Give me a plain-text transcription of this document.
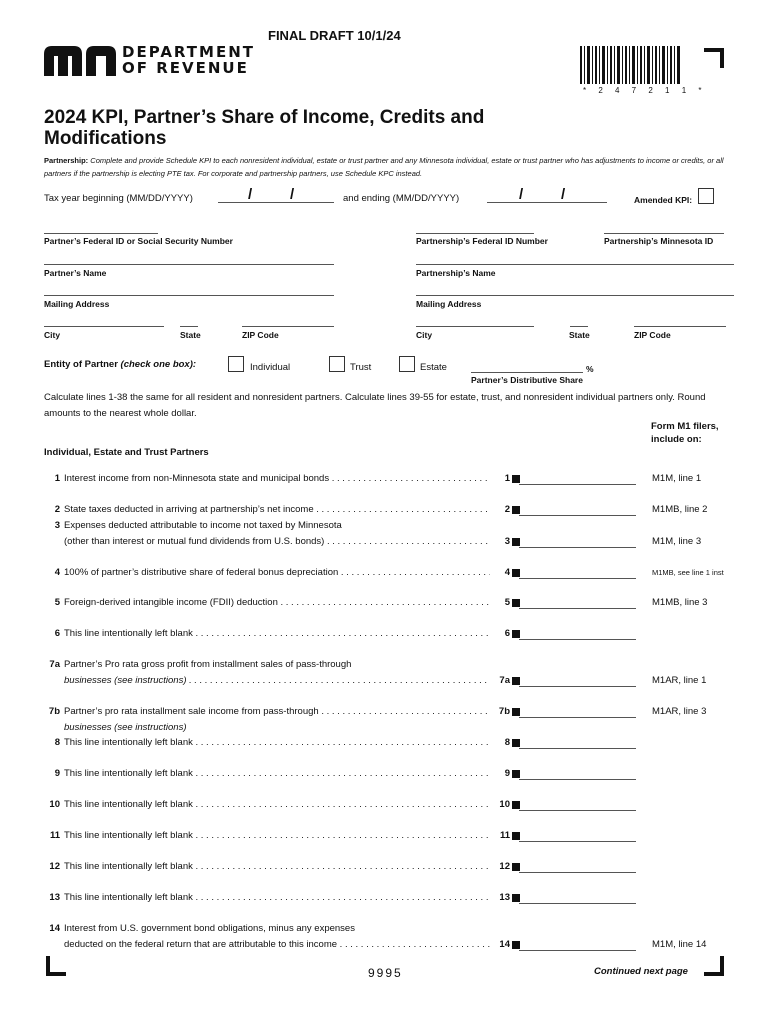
FINAL DRAFT 10/1/24
DEPARTMENT
OF REVENUE
* 2 4 7 2 1 1 *
2024 KPI, Partner’s Share of Income, Credits and Modifications
Partnership: Complete and provide Schedule KPI to each nonresident individual, estate or trust partner and any Minnesota individual, estate or trust partner who has adjustments to income or credits, or all partners if the partnership is electing PTE tax. For corporate and partnership partners, use Schedule KPC instead.
Tax year beginning (MM/DD/YYYY)	/	/	and ending (MM/DD/YYYY)	/	/	Amended KPI:
Partner’s Federal ID or Social Security Number	Partnership’s Federal ID Number	Partnership’s Minnesota ID
Partner’s Name	Partnership’s Name
Mailing Address	Mailing Address
City	State	ZIP Code	City	State	ZIP Code
Entity of Partner (check one box):	Individual	Trust	Estate	%
Partner’s Distributive Share
Calculate lines 1-38 the same for all resident and nonresident partners. Calculate lines 39-55 for estate, trust, and nonresident individual partners only. Round amounts to the nearest whole dollar.
Form M1 filers,
include on:
Individual, Estate and Trust Partners
1 Interest income from non-Minnesota state and municipal bonds . . .	1	M1M, line 1
2 State taxes deducted in arriving at partnership’s net income . . .	2	M1MB, line 2
3 Expenses deducted attributable to income not taxed by Minnesota
(other than interest or mutual fund dividends from U.S. bonds) . . .	3	M1M, line 3
4 100% of partner’s distributive share of federal bonus depreciation . . .	4	M1MB, see line 1 inst
5 Foreign-derived intangible income (FDII) deduction . . .	5	M1MB, line 3
6 This line intentionally left blank . . .	6
7a Partner’s Pro rata gross profit from installment sales of pass-through
businesses (see instructions) . . .	7a	M1AR, line 1
7b Partner’s pro rata installment sale income from pass-through . . .	7b	M1AR, line 3
businesses (see instructions)
8 This line intentionally left blank . . .	8
9 This line intentionally left blank . . .	9
10 This line intentionally left blank . . .	10
11 This line intentionally left blank . . .	11
12 This line intentionally left blank . . .	12
13 This line intentionally left blank . . .	13
14 Interest from U.S. government bond obligations, minus any expenses
deducted on the federal return that are attributable to this income . . .	14	M1M, line 14
9995	Continued next page
